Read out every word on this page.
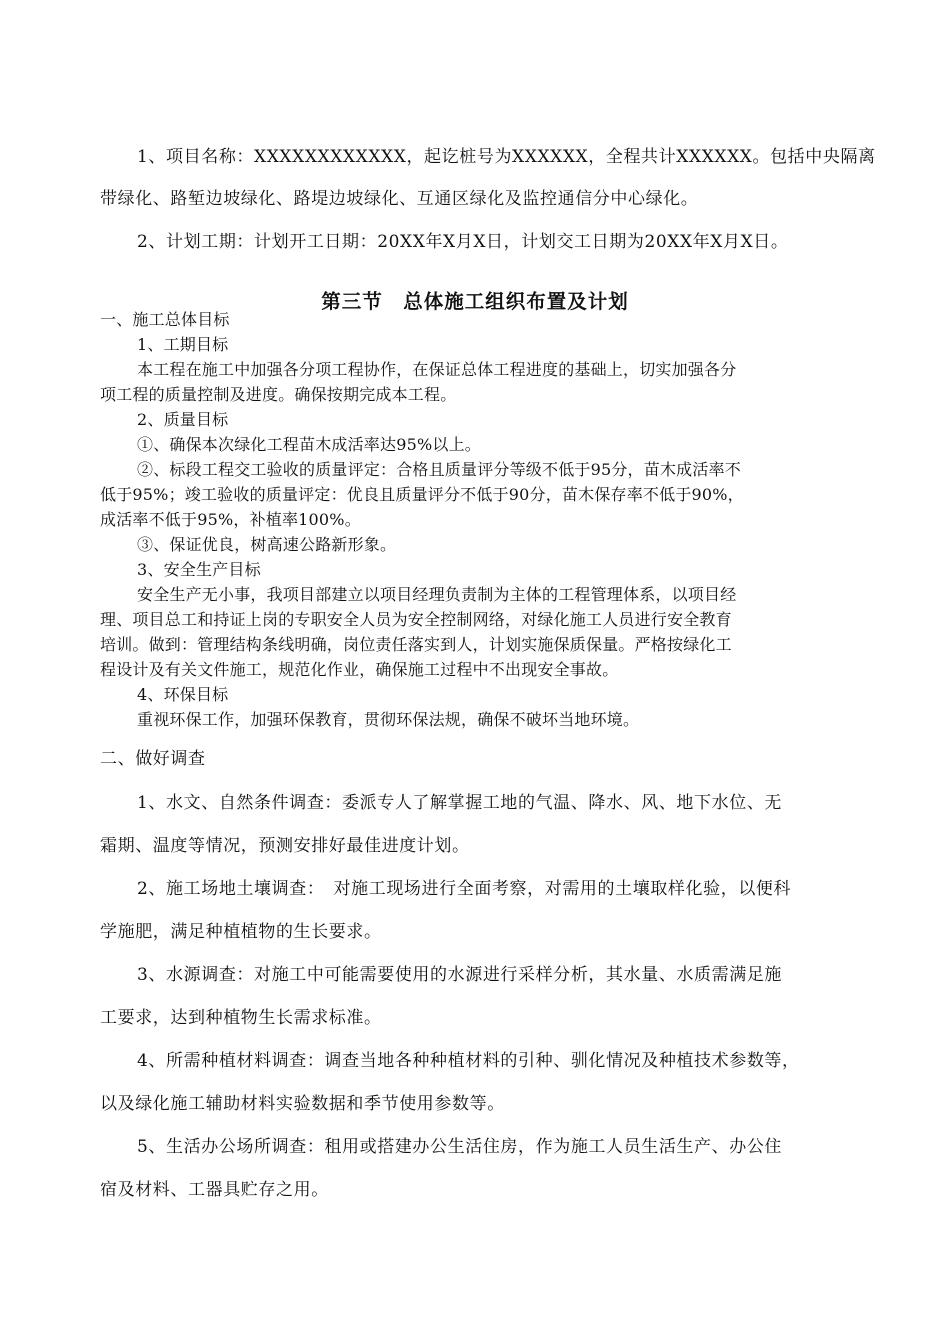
1、项目名称：XXXXXXXXXXXX，起讫桩号为XXXXXX，全程共计XXXXXX。包括中央隔离

带绿化、路堑边坡绿化、路堤边坡绿化、互通区绿化及监控通信分中心绿化。

2、计划工期：计划开工日期：20XX年X月X日，计划交工日期为20XX年X月X日。

第三节　总体施工组织布置及计划

一、施工总体目标

1、工期目标

本工程在施工中加强各分项工程协作，在保证总体工程进度的基础上，切实加强各分

项工程的质量控制及进度。确保按期完成本工程。

2、质量目标

①、确保本次绿化工程苗木成活率达95%以上。

②、标段工程交工验收的质量评定：合格且质量评分等级不低于95分，苗木成活率不

低于95%；竣工验收的质量评定：优良且质量评分不低于90分，苗木保存率不低于90%，

成活率不低于95%，补植率100%。

③、保证优良，树高速公路新形象。

3、安全生产目标

安全生产无小事，我项目部建立以项目经理负责制为主体的工程管理体系，以项目经

理、项目总工和持证上岗的专职安全人员为安全控制网络，对绿化施工人员进行安全教育

培训。做到：管理结构条线明确，岗位责任落实到人，计划实施保质保量。严格按绿化工

程设计及有关文件施工，规范化作业，确保施工过程中不出现安全事故。

4、环保目标

重视环保工作，加强环保教育，贯彻环保法规，确保不破坏当地环境。

二、做好调查

1、水文、自然条件调查：委派专人了解掌握工地的气温、降水、风、地下水位、无

霜期、温度等情况，预测安排好最佳进度计划。

2、施工场地土壤调查：　对施工现场进行全面考察，对需用的土壤取样化验，以便科

学施肥，满足种植植物的生长要求。

3、水源调查：对施工中可能需要使用的水源进行采样分析，其水量、水质需满足施

工要求，达到种植物生长需求标准。

4、所需种植材料调查：调查当地各种种植材料的引种、驯化情况及种植技术参数等，

以及绿化施工辅助材料实验数据和季节使用参数等。

5、生活办公场所调查：租用或搭建办公生活住房，作为施工人员生活生产、办公住

宿及材料、工器具贮存之用。
